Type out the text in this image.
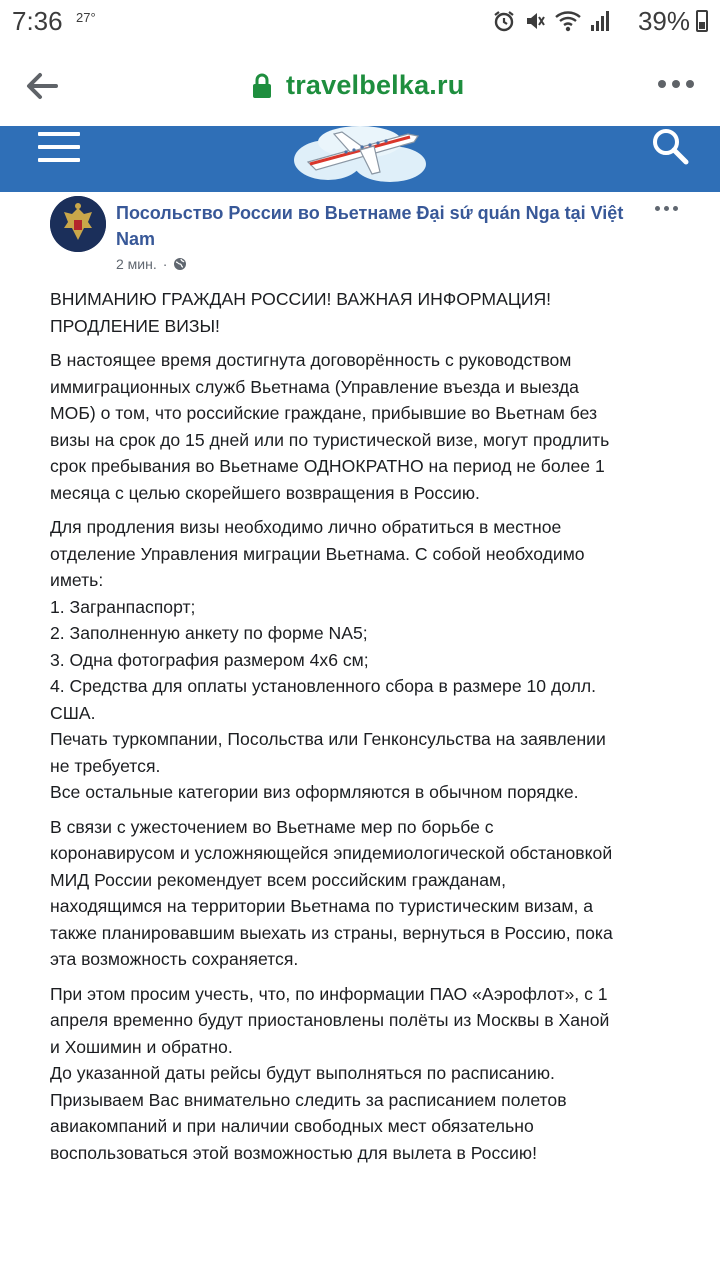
7:36 27°	39%
travelbelka.ru
Посольство России во Вьетнаме Đại sứ quán Nga tại Việt Nam
2 мин. ·

ВНИМАНИЮ ГРАЖДАН РОССИИ! ВАЖНАЯ ИНФОРМАЦИЯ!
ПРОДЛЕНИЕ ВИЗЫ!

В настоящее время достигнута договорённость с руководством
иммиграционных служб Вьетнама (Управление въезда и выезда
МОБ) о том, что российские граждане, прибывшие во Вьетнам без
визы на срок до 15 дней или по туристической визе, могут продлить
срок пребывания во Вьетнаме ОДНОКРАТНО на период не более 1
месяца с целью скорейшего возвращения в Россию.

Для продления визы необходимо лично обратиться в местное
отделение Управления миграции Вьетнама. С собой необходимо
иметь:
1. Загранпаспорт;
2. Заполненную анкету по форме NA5;
3. Одна фотография размером 4х6 см;
4. Средства для оплаты установленного сбора в размере 10 долл.
США.
Печать туркомпании, Посольства или Генконсульства на заявлении
не требуется.
Все остальные категории виз оформляются в обычном порядке.

В связи с ужесточением во Вьетнаме мер по борьбе с
коронавирусом и усложняющейся эпидемиологической обстановкой
МИД России рекомендует всем российским гражданам,
находящимся на территории Вьетнама по туристическим визам, а
также планировавшим выехать из страны, вернуться в Россию, пока
эта возможность сохраняется.

При этом просим учесть, что, по информации ПАО «Аэрофлот», с 1
апреля временно будут приостановлены полёты из Москвы в Ханой
и Хошимин и обратно.
До указанной даты рейсы будут выполняться по расписанию.
Призываем Вас внимательно следить за расписанием полетов
авиакомпаний и при наличии свободных мест обязательно
воспользоваться этой возможностью для вылета в Россию!
